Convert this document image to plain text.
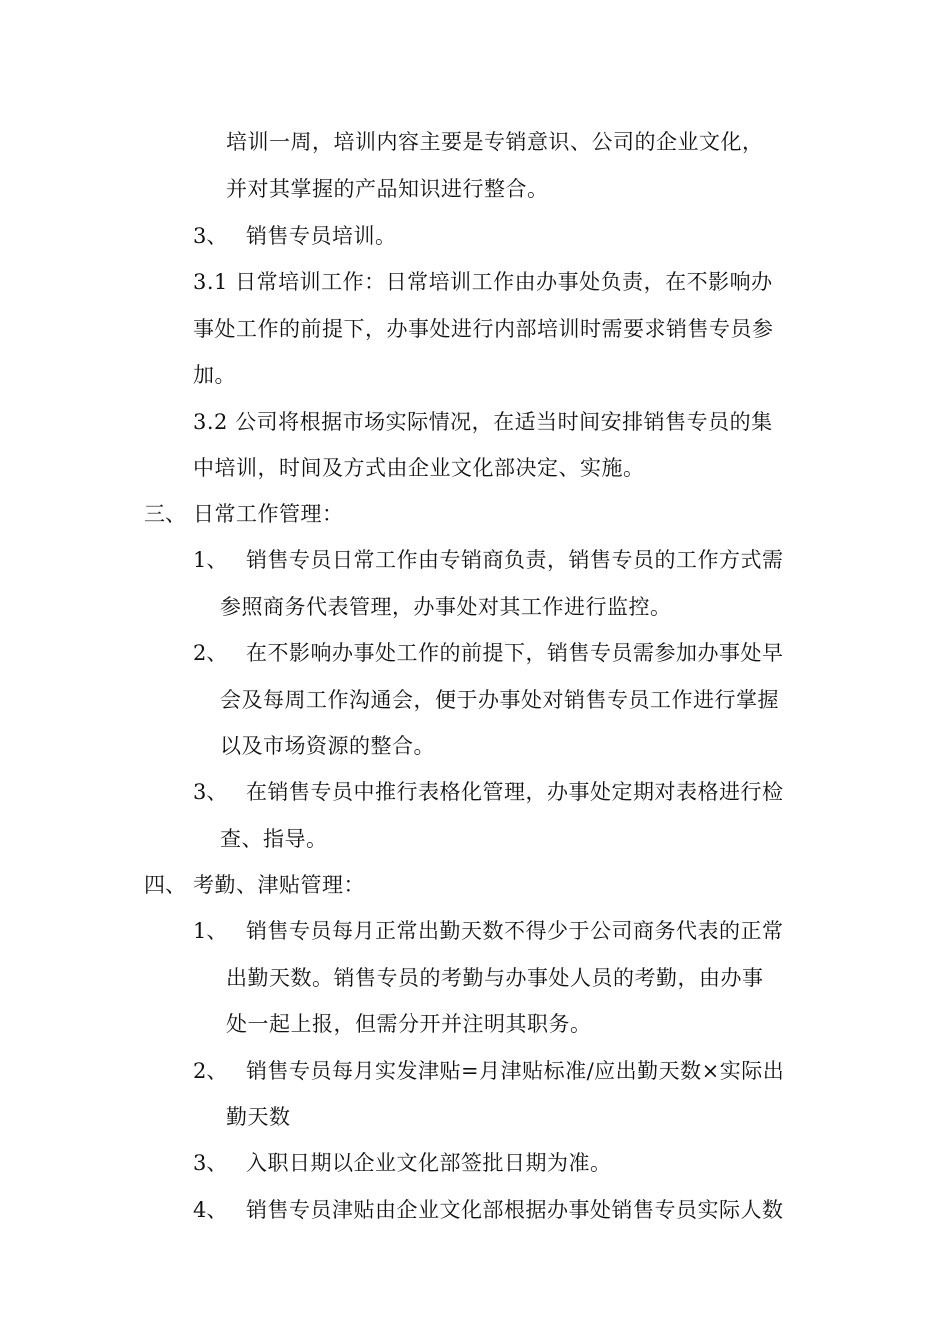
培训一周，培训内容主要是专销意识、公司的企业文化，
并对其掌握的产品知识进行整合。
3、 销售专员培训。
3.1 日常培训工作：日常培训工作由办事处负责，在不影响办
事处工作的前提下，办事处进行内部培训时需要求销售专员参
加。
3.2 公司将根据市场实际情况，在适当时间安排销售专员的集
中培训，时间及方式由企业文化部决定、实施。
三、 日常工作管理：
1、 销售专员日常工作由专销商负责，销售专员的工作方式需
参照商务代表管理，办事处对其工作进行监控。
2、 在不影响办事处工作的前提下，销售专员需参加办事处早
会及每周工作沟通会，便于办事处对销售专员工作进行掌握
以及市场资源的整合。
3、 在销售专员中推行表格化管理，办事处定期对表格进行检
查、指导。
四、 考勤、津贴管理：
1、 销售专员每月正常出勤天数不得少于公司商务代表的正常
出勤天数。销售专员的考勤与办事处人员的考勤，由办事
处一起上报，但需分开并注明其职务。
2、 销售专员每月实发津贴=月津贴标准/应出勤天数×实际出
勤天数
3、 入职日期以企业文化部签批日期为准。
4、 销售专员津贴由企业文化部根据办事处销售专员实际人数
